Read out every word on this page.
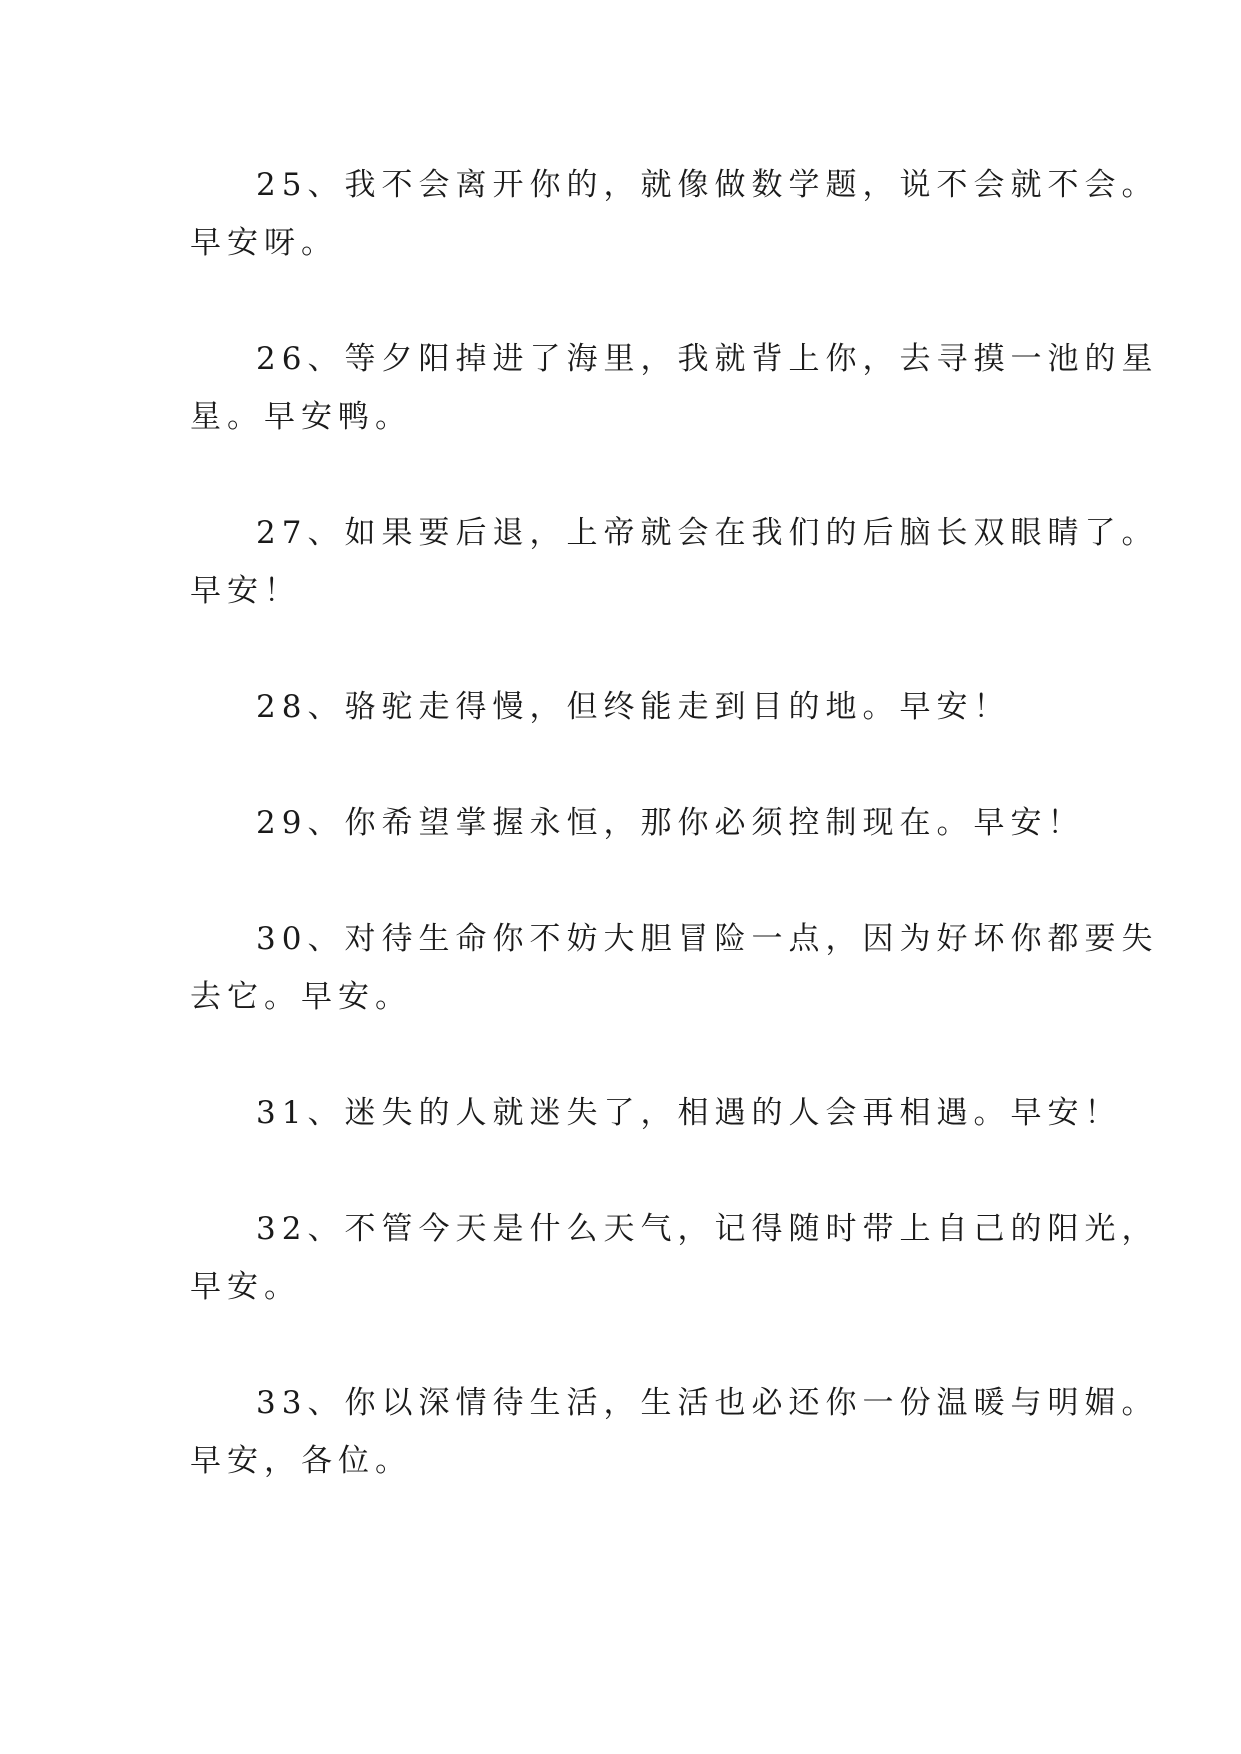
25、我不会离开你的，就像做数学题，说不会就不会。
早安呀。
26、等夕阳掉进了海里，我就背上你，去寻摸一池的星
星。早安鸭。
27、如果要后退，上帝就会在我们的后脑长双眼睛了。
早安！
28、骆驼走得慢，但终能走到目的地。早安！
29、你希望掌握永恒，那你必须控制现在。早安！
30、对待生命你不妨大胆冒险一点，因为好坏你都要失
去它。早安。
31、迷失的人就迷失了，相遇的人会再相遇。早安！
32、不管今天是什么天气，记得随时带上自己的阳光，
早安。
33、你以深情待生活，生活也必还你一份温暖与明媚。
早安，各位。
